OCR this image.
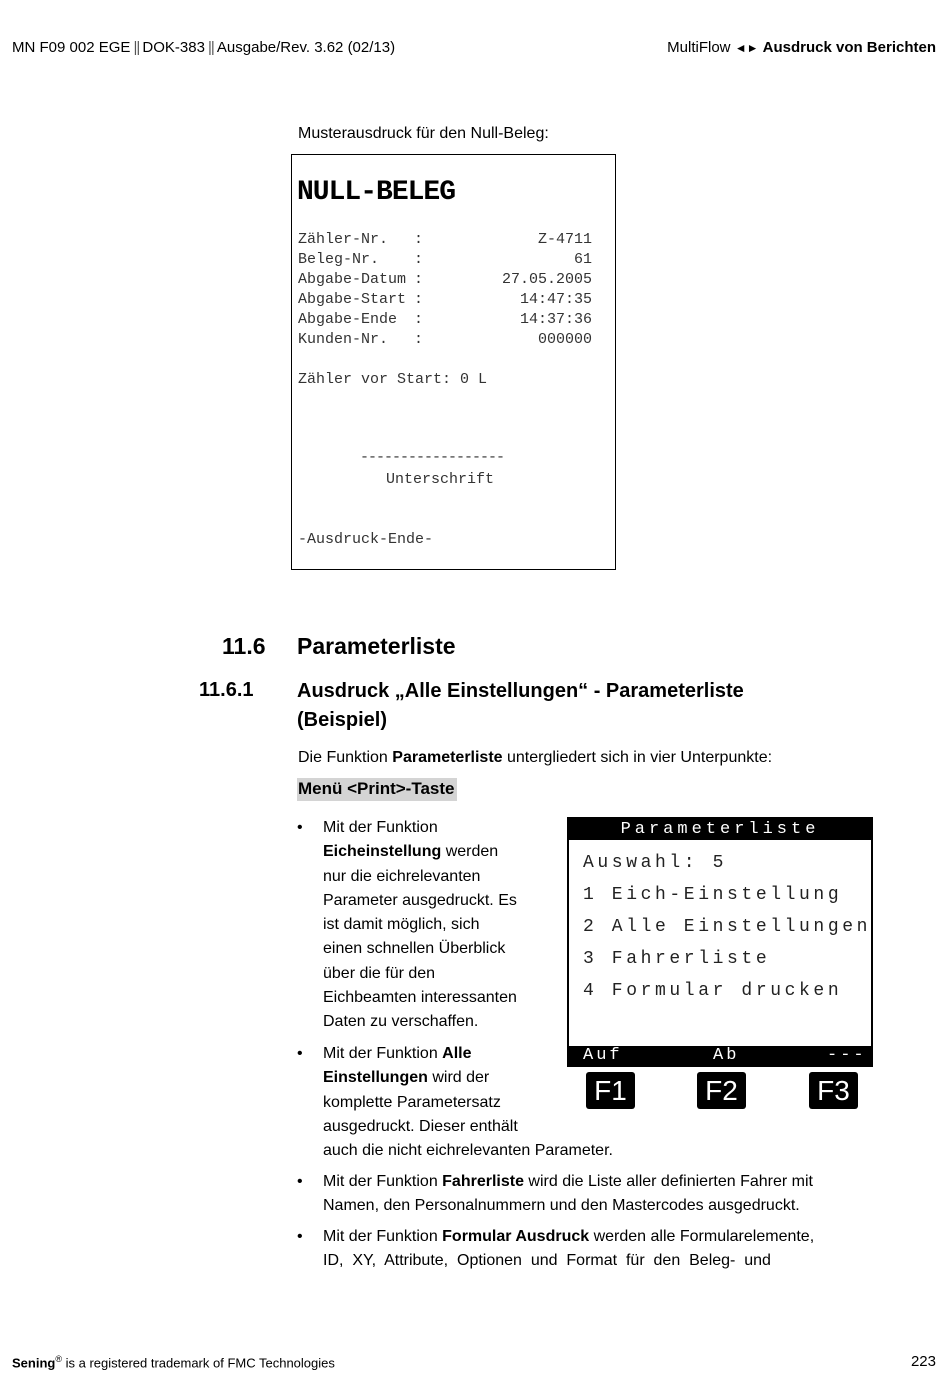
MN F09 002 EGE || DOK-383 || Ausgabe/Rev. 3.62 (02/13)	MultiFlow ◄► Ausdruck von Berichten
Musterausdruck für den Null-Beleg:
NULL-BELEG
Zähler-Nr. :	Z-4711
Beleg-Nr. :	61
Abgabe-Datum :	27.05.2005
Abgabe-Start :	14:47:35
Abgabe-Ende :	14:37:36
Kunden-Nr. :	000000
Zähler vor Start: 0 L
------------------
Unterschrift
-Ausdruck-Ende-
11.6 Parameterliste
11.6.1 Ausdruck „Alle Einstellungen“ - Parameterliste (Beispiel)
Die Funktion Parameterliste untergliedert sich in vier Unterpunkte:
Menü <Print>-Taste
• Mit der Funktion
Eicheinstellung werden
nur die eichrelevanten
Parameter ausgedruckt. Es
ist damit möglich, sich
einen schnellen Überblick
über die für den
Eichbeamten interessanten
Daten zu verschaffen.
• Mit der Funktion Alle
Einstellungen wird der
komplette Parametersatz
ausgedruckt. Dieser enthält
auch die nicht eichrelevanten Parameter.
• Mit der Funktion Fahrerliste wird die Liste aller definierten Fahrer mit
Namen, den Personalnummern und den Mastercodes ausgedruckt.
• Mit der Funktion Formular Ausdruck werden alle Formularelemente,
ID,  XY,  Attribute,  Optionen  und  Format  für  den  Beleg-  und
Parameterliste
Auswahl: 5
1 Eich-Einstellung
2 Alle Einstellungen
3 Fahrerliste
4 Formular drucken
Auf	Ab	---
F1	F2	F3
Sening® is a registered trademark of FMC Technologies	223
